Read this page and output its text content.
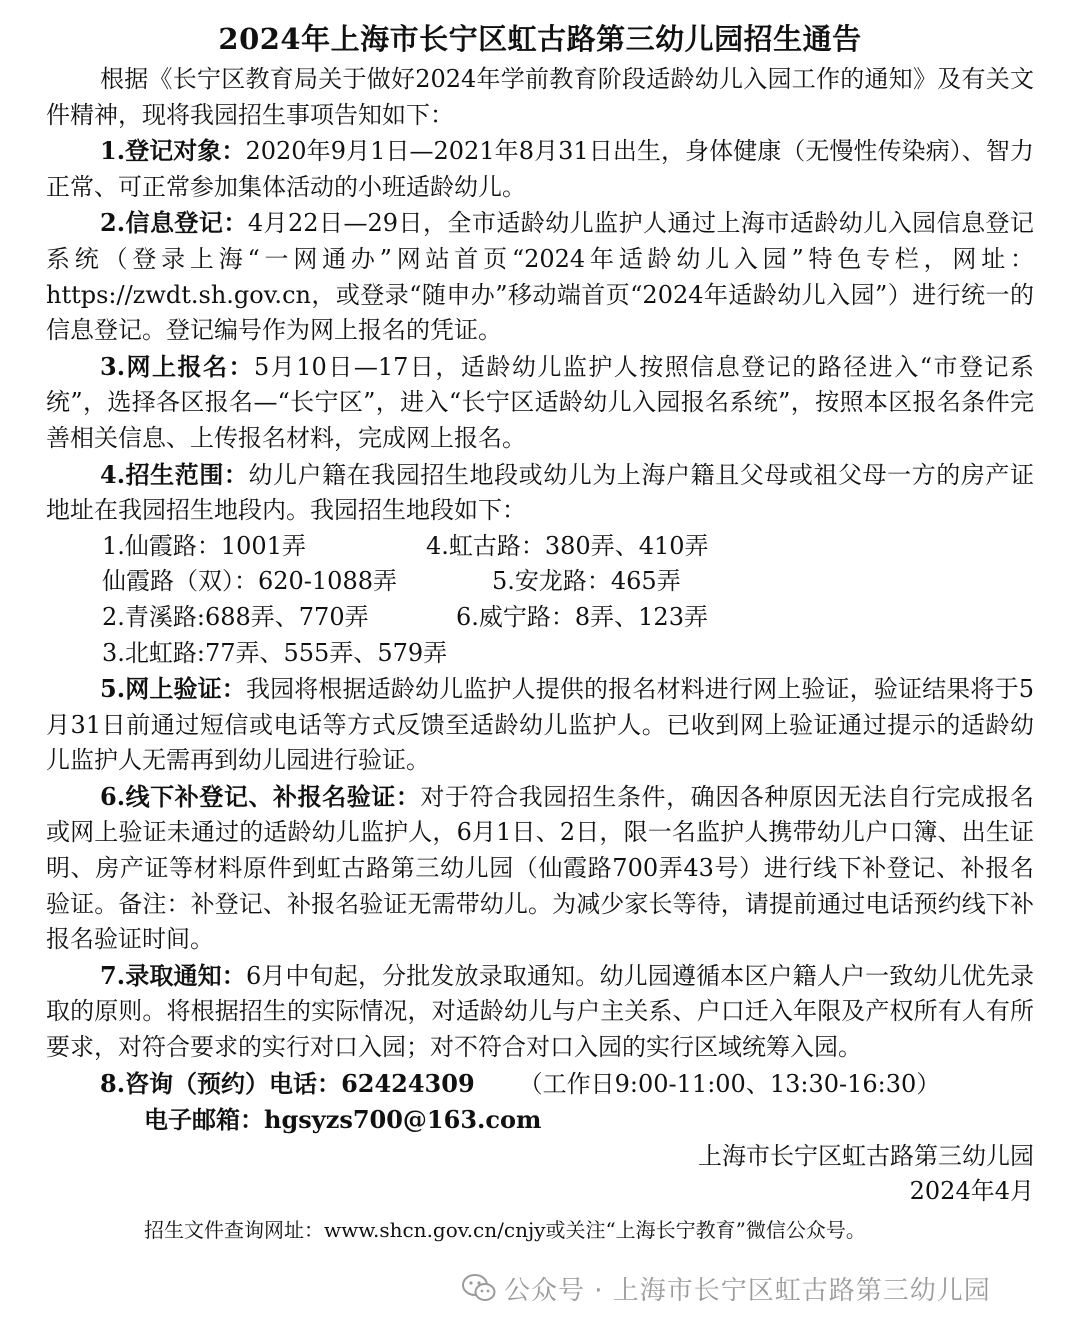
2024年上海市长宁区虹古路第三幼儿园招生通告

根据《长宁区教育局关于做好2024年学前教育阶段适龄幼儿入园工作的通知》及有关文件精神，现将我园招生事项告知如下：

1.登记对象：2020年9月1日—2021年8月31日出生，身体健康（无慢性传染病）、智力正常、可正常参加集体活动的小班适龄幼儿。

2.信息登记：4月22日—29日，全市适龄幼儿监护人通过上海市适龄幼儿入园信息登记系统（登录上海“一网通办”网站首页“2024年适龄幼儿入园”特色专栏，网址：https://zwdt.sh.gov.cn，或登录“随申办”移动端首页“2024年适龄幼儿入园”）进行统一的信息登记。登记编号作为网上报名的凭证。

3.网上报名：5月10日—17日，适龄幼儿监护人按照信息登记的路径进入“市登记系统”，选择各区报名—“长宁区”，进入“长宁区适龄幼儿入园报名系统”，按照本区报名条件完善相关信息、上传报名材料，完成网上报名。

4.招生范围：幼儿户籍在我园招生地段或幼儿为上海户籍且父母或祖父母一方的房产证地址在我园招生地段内。我园招生地段如下：

1.仙霞路：1001弄	4.虹古路：380弄、410弄
仙霞路（双）：620-1088弄	5.安龙路：465弄
2.青溪路:688弄、770弄	6.威宁路：8弄、123弄
3.北虹路:77弄、555弄、579弄

5.网上验证：我园将根据适龄幼儿监护人提供的报名材料进行网上验证，验证结果将于5月31日前通过短信或电话等方式反馈至适龄幼儿监护人。已收到网上验证通过提示的适龄幼儿监护人无需再到幼儿园进行验证。

6.线下补登记、补报名验证：对于符合我园招生条件，确因各种原因无法自行完成报名或网上验证未通过的适龄幼儿监护人，6月1日、2日，限一名监护人携带幼儿户口簿、出生证明、房产证等材料原件到虹古路第三幼儿园（仙霞路700弄43号）进行线下补登记、补报名验证。备注：补登记、补报名验证无需带幼儿。为减少家长等待，请提前通过电话预约线下补报名验证时间。

7.录取通知：6月中旬起，分批发放录取通知。幼儿园遵循本区户籍人户一致幼儿优先录取的原则。将根据招生的实际情况，对适龄幼儿与户主关系、户口迁入年限及产权所有人有所要求，对符合要求的实行对口入园；对不符合对口入园的实行区域统筹入园。

8.咨询（预约）电话：62424309 （工作日9:00-11:00、13:30-16:30）

电子邮箱：hgsyzs700@163.com

上海市长宁区虹古路第三幼儿园

2024年4月

招生文件查询网址：www.shcn.gov.cn/cnjy或关注“上海长宁教育”微信公众号。

公众号 · 上海市长宁区虹古路第三幼儿园
